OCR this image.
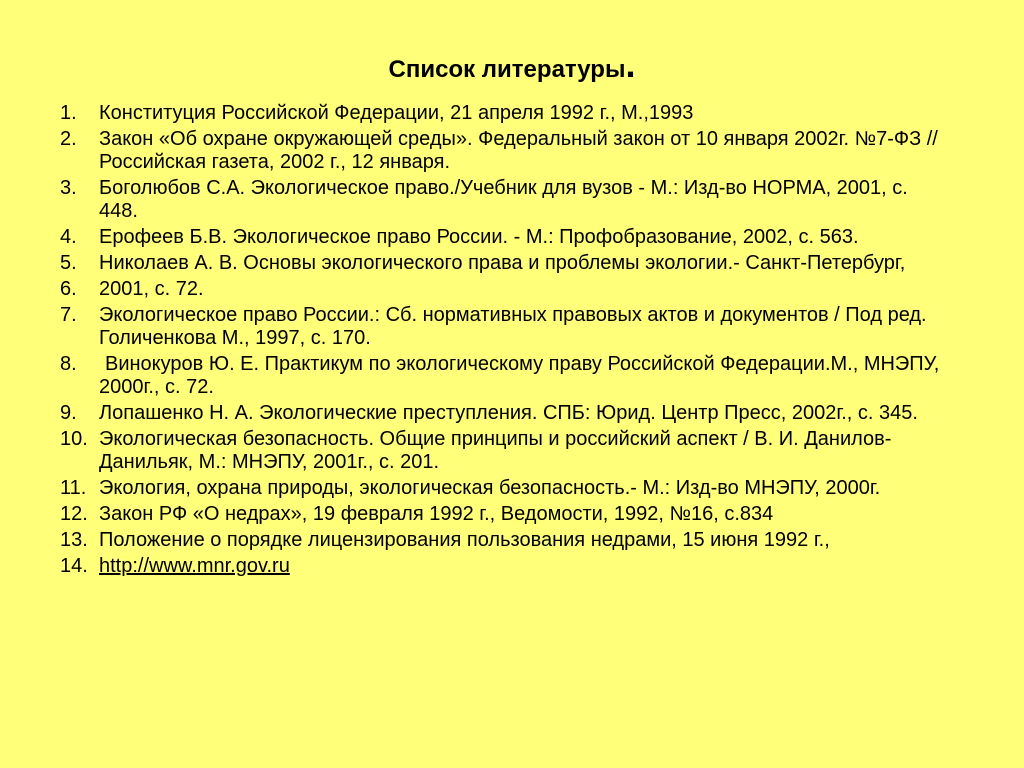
Список литературы.
1.	Конституция Российской Федерации, 21 апреля 1992 г., М.,1993
2.	Закон «Об охране окружающей среды». Федеральный закон от 10 января 2002г. №7-ФЗ //Российская газета, 2002 г., 12 января.
3.	Боголюбов С.А. Экологическое право./Учебник для вузов - М.: Изд-во НОРМА, 2001, с. 448.
4.	Ерофеев Б.В. Экологическое право России. - М.: Профобразование, 2002, с. 563.
5.	Николаев А. В. Основы экологического права и проблемы экологии.- Санкт-Петербург,
6.	2001, с. 72.
7.	Экологическое право России.: Сб. нормативных правовых актов и документов / Под ред. Голиченкова М., 1997, с. 170.
8.	Винокуров Ю. Е. Практикум по экологическому праву Российской Федерации.М., МНЭПУ, 2000г., с. 72.
9.	Лопашенко Н. А. Экологические преступления. СПБ: Юрид. Центр Пресс, 2002г., с. 345.
10. Экологическая безопасность. Общие принципы и российский аспект / В. И. Данилов-Данильяк, М.: МНЭПУ, 2001г., с. 201.
11. Экология, охрана природы, экологическая безопасность.- М.: Изд-во МНЭПУ, 2000г.
12. Закон РФ «О недрах», 19 февраля 1992 г., Ведомости, 1992, №16, с.834
13. Положение о порядке лицензирования пользования недрами, 15 июня 1992 г.,
14. http://www.mnr.gov.ru
